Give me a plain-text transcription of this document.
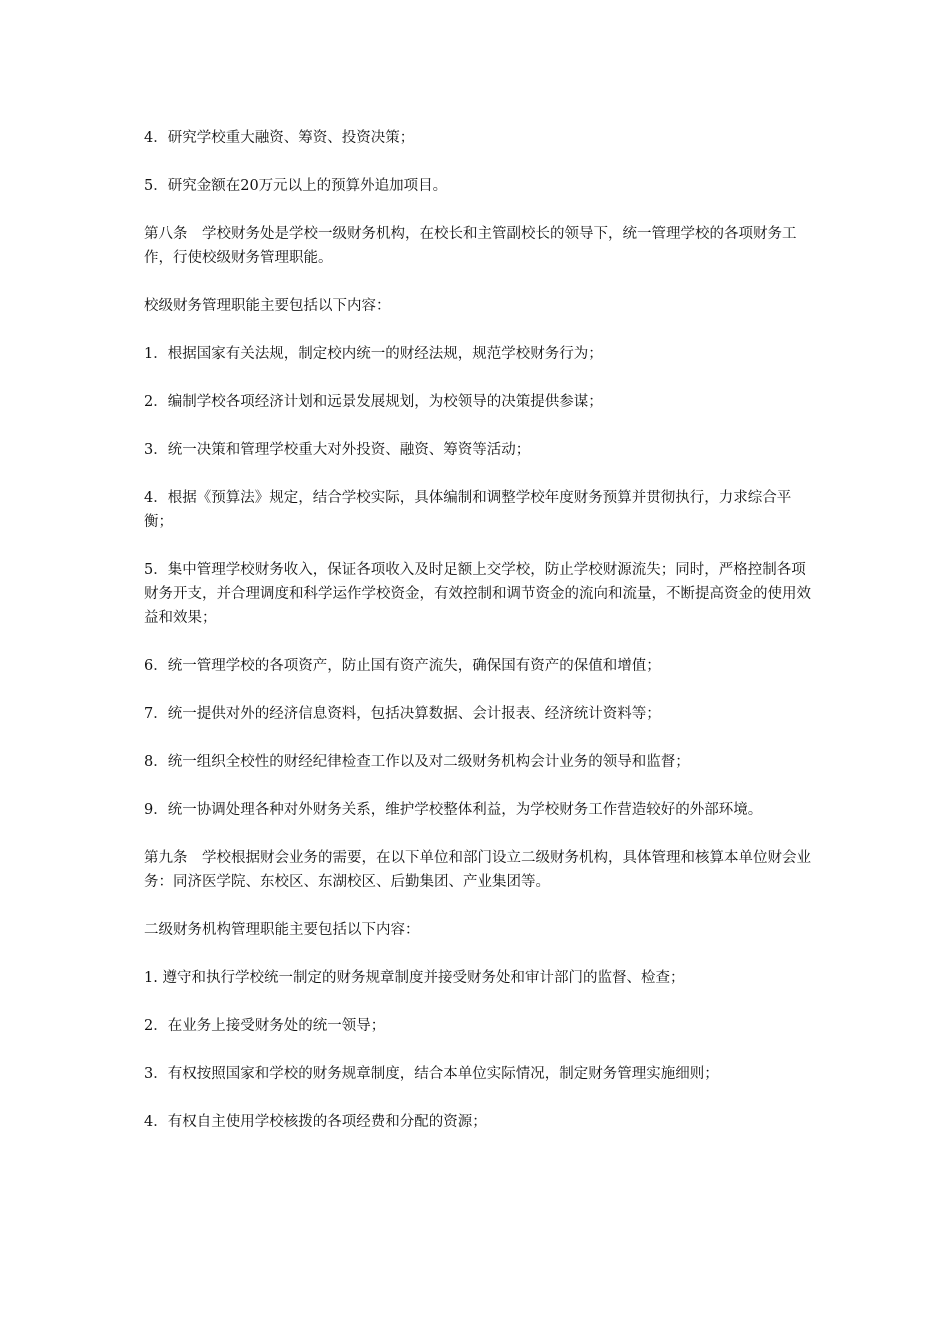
4．研究学校重大融资、筹资、投资决策；

5．研究金额在20万元以上的预算外追加项目。

第八条　学校财务处是学校一级财务机构，在校长和主管副校长的领导下，统一管理学校的各项财务工作，行使校级财务管理职能。

校级财务管理职能主要包括以下内容：

1．根据国家有关法规，制定校内统一的财经法规，规范学校财务行为；

2．编制学校各项经济计划和远景发展规划，为校领导的决策提供参谋；

3．统一决策和管理学校重大对外投资、融资、筹资等活动；

4．根据《预算法》规定，结合学校实际，具体编制和调整学校年度财务预算并贯彻执行，力求综合平衡；

5．集中管理学校财务收入，保证各项收入及时足额上交学校，防止学校财源流失；同时，严格控制各项财务开支，并合理调度和科学运作学校资金，有效控制和调节资金的流向和流量，不断提高资金的使用效益和效果；

6．统一管理学校的各项资产，防止国有资产流失，确保国有资产的保值和增值；

7．统一提供对外的经济信息资料，包括决算数据、会计报表、经济统计资料等；

8．统一组织全校性的财经纪律检查工作以及对二级财务机构会计业务的领导和监督；

9．统一协调处理各种对外财务关系，维护学校整体利益，为学校财务工作营造较好的外部环境。

第九条　学校根据财会业务的需要，在以下单位和部门设立二级财务机构，具体管理和核算本单位财会业务：同济医学院、东校区、东湖校区、后勤集团、产业集团等。

二级财务机构管理职能主要包括以下内容：

1. 遵守和执行学校统一制定的财务规章制度并接受财务处和审计部门的监督、检查；

2．在业务上接受财务处的统一领导；

3．有权按照国家和学校的财务规章制度，结合本单位实际情况，制定财务管理实施细则；

4．有权自主使用学校核拨的各项经费和分配的资源；
